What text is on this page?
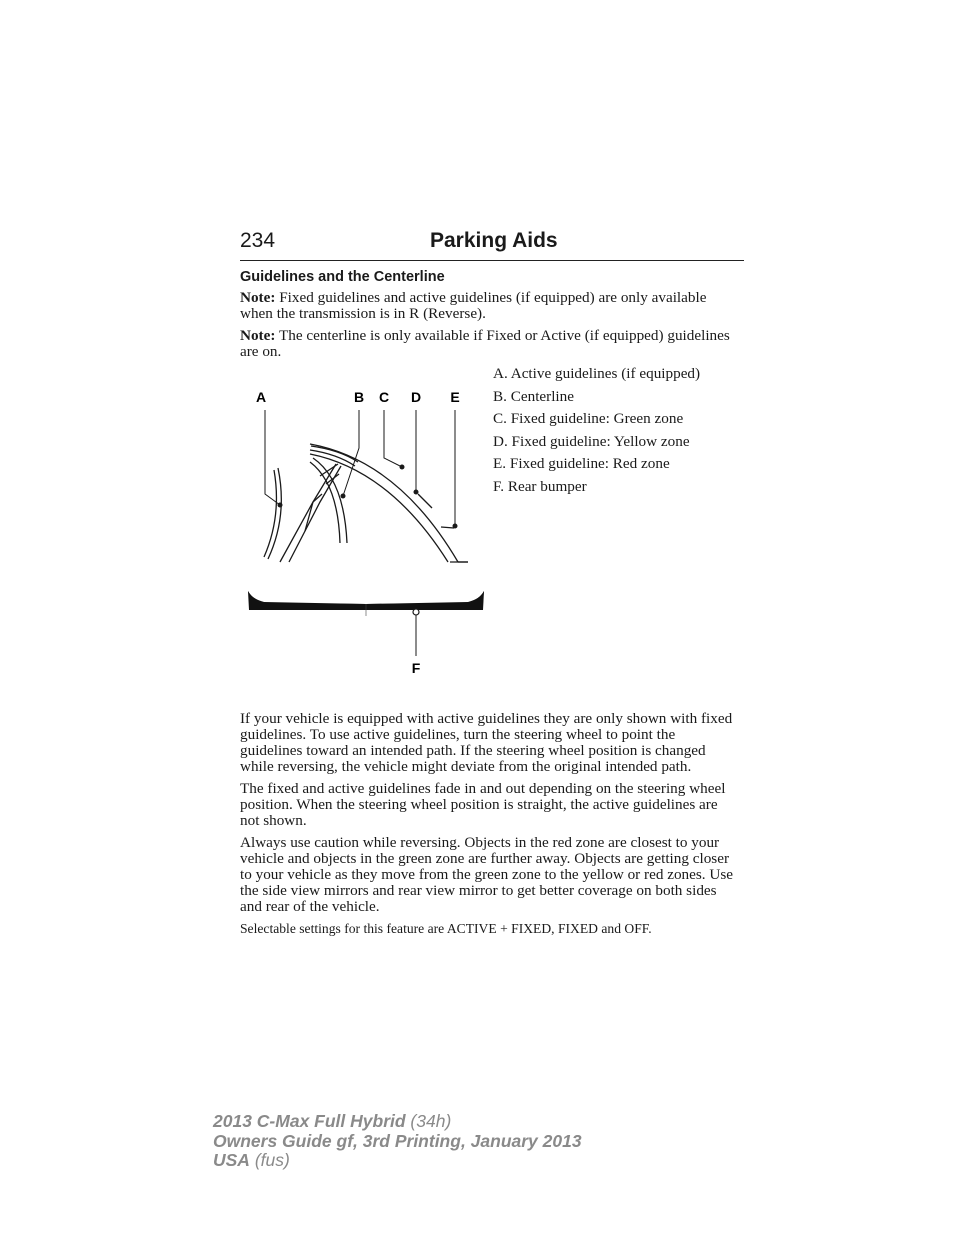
234	Parking Aids
Guidelines and the Centerline

Note: Fixed guidelines and active guidelines (if equipped) are only available when the transmission is in R (Reverse).

Note: The centerline is only available if Fixed or Active (if equipped) guidelines are on.

A	B C D E
F
A. Active guidelines (if equipped)
B. Centerline
C. Fixed guideline: Green zone
D. Fixed guideline: Yellow zone
E. Fixed guideline: Red zone
F. Rear bumper

If your vehicle is equipped with active guidelines they are only shown with fixed guidelines. To use active guidelines, turn the steering wheel to point the guidelines toward an intended path. If the steering wheel position is changed while reversing, the vehicle might deviate from the original intended path.

The fixed and active guidelines fade in and out depending on the steering wheel position. When the steering wheel position is straight, the active guidelines are not shown.

Always use caution while reversing. Objects in the red zone are closest to your vehicle and objects in the green zone are further away. Objects are getting closer to your vehicle as they move from the green zone to the yellow or red zones. Use the side view mirrors and rear view mirror to get better coverage on both sides and rear of the vehicle.

Selectable settings for this feature are ACTIVE + FIXED, FIXED and OFF.

2013 C-Max Full Hybrid (34h)
Owners Guide gf, 3rd Printing, January 2013
USA (fus)
